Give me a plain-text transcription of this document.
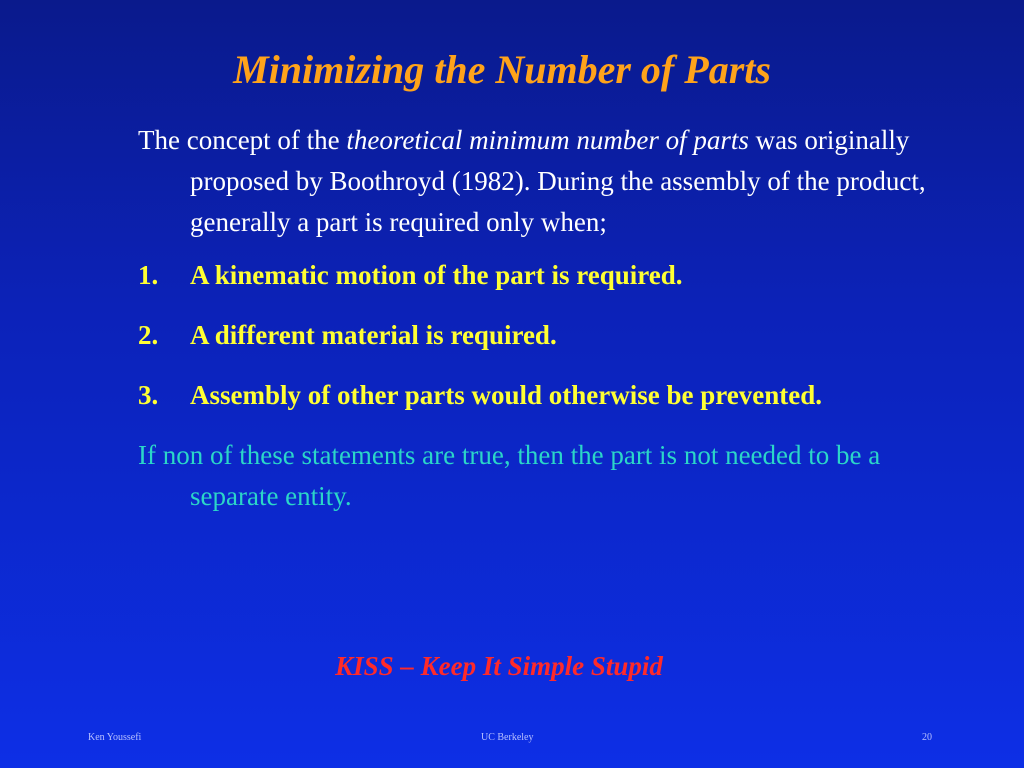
Minimizing the Number of Parts

The concept of the theoretical minimum number of parts was originally proposed by Boothroyd (1982). During the assembly of the product, generally a part is required only when;

1. A kinematic motion of the part is required.
2. A different material is required.
3. Assembly of other parts would otherwise be prevented.

If non of these statements are true, then the part is not needed to be a separate entity.

KISS – Keep It Simple Stupid

Ken Youssefi	UC Berkeley	20
